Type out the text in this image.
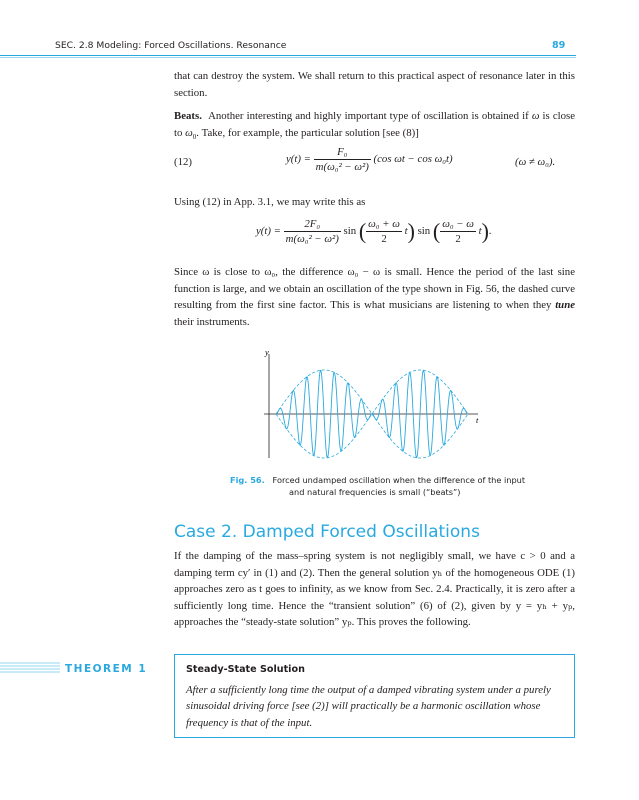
SEC. 2.8 Modeling: Forced Oscillations. Resonance	89
that can destroy the system. We shall return to this practical aspect of resonance later in this section.
Beats. Another interesting and highly important type of oscillation is obtained if ω is close to $\omega_0$. Take, for example, the particular solution [see (8)]
(12)	$y(t) = \frac{\text{F₀}}{\text{m(ω₀² − ω²)}} (\cos$ ωt − cos ω₀t)	(ω ≠ ω₀).
Using (12) in App. 3.1, we may write this as
$y(t) = \frac{\text{2F₀}}{\text{m(ω₀² − ω²)}}$ sin ( $\frac{\text{ω₀ + ω}}{2} t$) sin ( $\frac{\text{ω₀ − ω}}{2} t$).
Since ω is close to ω₀, the difference ω₀ − ω is small. Hence the period of the last sine function is large, and we obtain an oscillation of the type shown in Fig. 56, the dashed curve resulting from the first sine factor. This is what musicians are listening to when they tune their instruments.
y
t
Fig. 56. Forced undamped oscillation when the difference of the input
and natural frequencies is small (“beats”)
Case 2. Damped Forced Oscillations
If the damping of the mass–spring system is not negligibly small, we have c > 0 and a damping term cy′ in (1) and (2). Then the general solution yₕ of the homogeneous ODE (1) approaches zero as t goes to infinity, as we know from Sec. 2.4. Practically, it is zero after a sufficiently long time. Hence the “transient solution” (6) of (2), given by y = yₕ + yₚ, approaches the “steady-state solution” yₚ. This proves the following.
THEOREM 1	Steady-State Solution
After a sufficiently long time the output of a damped vibrating system under a purely sinusoidal driving force [see (2)] will practically be a harmonic oscillation whose frequency is that of the input.
